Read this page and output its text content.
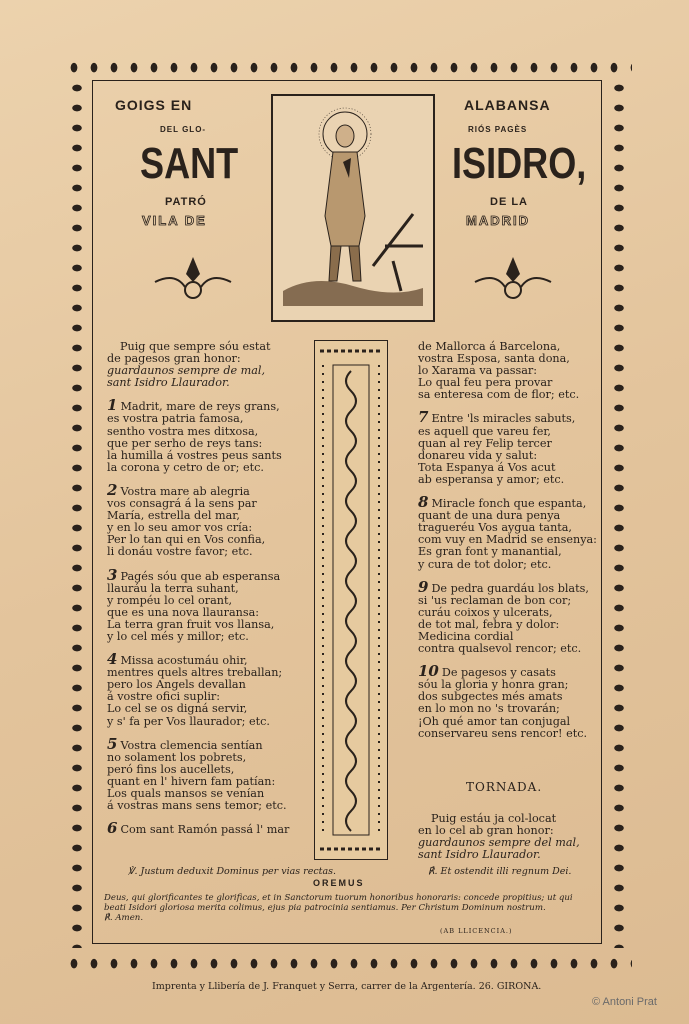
GOIGS EN	ALABANSA
DEL GLO-	RIÓS PAGÈS
SANT	ISIDRO,
PATRÓ	DE LA
VILA DE	MADRID

Puig que sempre sóu estat

de pagesos gran honor:

guardaunos sempre de mal,

sant Isidro Llaurador.

1 Madrit, mare de reys grans,

es vostra patria famosa,

sentho vostra mes ditxosa,

que per serho de reys tans:

la humilla á vostres peus sants

la corona y cetro de or; etc.

2 Vostra mare ab alegria

vos consagrá á la sens par

María, estrella del mar,

y en lo seu amor vos cría:

Per lo tan qui en Vos confia,

li donáu vostre favor; etc.

3 Pagés sóu que ab esperansa

llauráu la terra suhant,

y rompéu lo cel orant,

que es una nova llauransa:

La terra gran fruit vos llansa,

y lo cel més y millor; etc.

4 Missa acostumáu ohir,

mentres quels altres treballan;

pero los Angels devallan

á vostre ofici suplir:

Lo cel se os digná servir,

y s' fa per Vos llaurador; etc.

5 Vostra clemencia sentían

no solament los pobrets,

peró fins los aucellets,

quant en l' hivern fam patían:

Los quals mansos se venían

á vostras mans sens temor; etc.

6 Com sant Ramón passá l' mar

de Mallorca á Barcelona,

vostra Esposa, santa dona,

lo Xarama va passar:

Lo qual feu pera provar

sa enteresa com de flor; etc.

7 Entre 'ls miracles sabuts,

es aquell que vareu fer,

quan al rey Felip tercer

donareu vida y salut:

Tota Espanya á Vos acut

ab esperansa y amor; etc.

8 Miracle fonch que espanta,

quant de una dura penya

tragueréu Vos aygua tanta,

com vuy en Madrid se ensenya:

Es gran font y manantial,

y cura de tot dolor; etc.

9 De pedra guardáu los blats,

si 'us reclaman de bon cor;

curáu coixos y ulcerats,

de tot mal, febra y dolor:

Medicina cordial

contra qualsevol rencor; etc.

10 De pagesos y casats

sóu la gloria y honra gran;

dos subgectes més amats

en lo mon no 's trovarán;

¡Oh qué amor tan conjugal

conservareu sens rencor! etc.

TORNADA.

Puig estáu ja col-locat

en lo cel ab gran honor:

guardaunos sempre del mal,

sant Isidro Llaurador.

℣. Justum deduxit Dominus per vias rectas.	℟. Et ostendit illi regnum Dei.
OREMUS
Deus, qui glorificantes te glorificas, et in Sanctorum tuorum honoribus honoraris: concede propitius; ut qui
beati Isidori gloriosa merita colimus, ejus pia patrocinia sentiamus. Per Christum Dominum nostrum.
℟. Amen.
(AB LLICENCIA.)
Imprenta y Llibería de J. Franquet y Serra, carrer de la Argentería. 26. GIRONA.
© Antoni Prat
